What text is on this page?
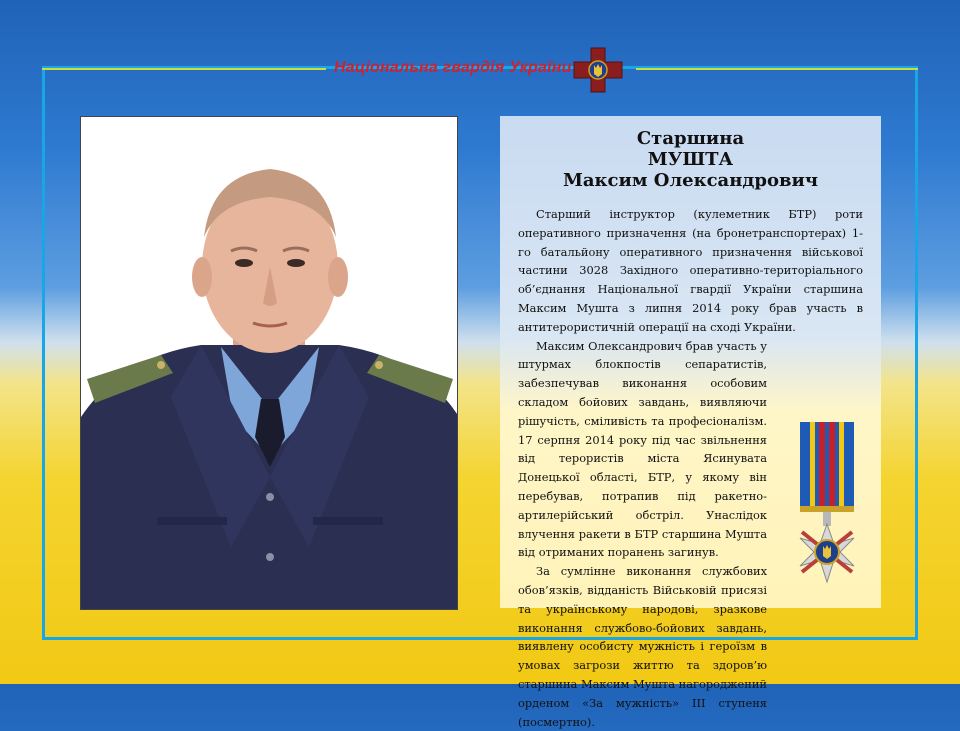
Національна гвардія України
Старшина
МУШТА
Максим Олександрович

Старший інструктор (кулеметник БТР) роти оперативного призначення (на бронетранспортерах) 1-го батальйону оперативного призначення військової частини 3028 Західного оперативно-територіального об’єднання Національної гвардії України старшина Максим Мушта з липня 2014 року брав участь в антитерористичній операції на сході України.

Максим Олександрович брав участь у штурмах блокпостів сепаратистів, забезпечував виконання особовим складом бойових завдань, виявляючи рішучість, сміливість та професіоналізм. 17 серпня 2014 року під час звільнення від терористів міста Ясинувата Донецької області, БТР, у якому він перебував, потрапив під ракетно-артилерійський обстріл. Унаслідок влучення ракети в БТР старшина Мушта від отриманих поранень загинув.

За сумлінне виконання службових обов’язків, відданість Військовій присязі та українському народові, зразкове виконання службово-бойових завдань, виявлену особисту мужність і героїзм в умовах загрози життю та здоров’ю старшина Максим Мушта нагороджений орденом «За мужність» III ступеня (посмертно).
